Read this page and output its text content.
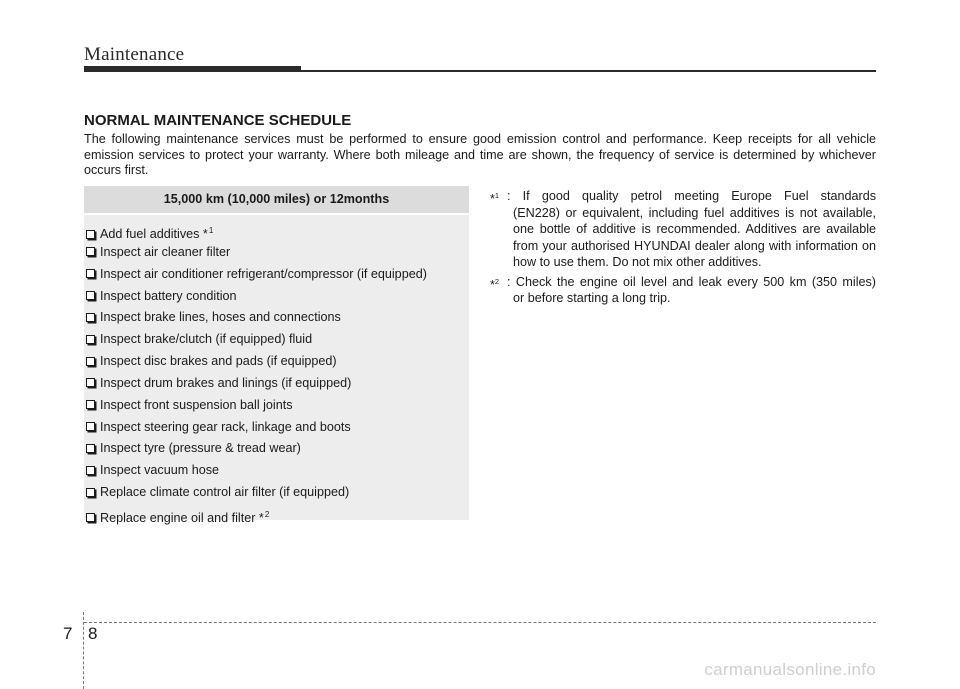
Maintenance
NORMAL MAINTENANCE SCHEDULE
The following maintenance services must be performed to ensure good emission control and performance. Keep receipts for all vehicle emission services to protect your warranty. Where both mileage and time are shown, the frequency of service is determined by whichever occurs first.
15,000 km (10,000 miles) or 12months
Add fuel additives *$^1$
Inspect air cleaner filter
Inspect air conditioner refrigerant/compressor (if equipped)
Inspect battery condition
Inspect brake lines, hoses and connections
Inspect brake/clutch (if equipped) fluid
Inspect disc brakes and pads (if equipped)
Inspect drum brakes and linings (if equipped)
Inspect front suspension ball joints
Inspect steering gear rack, linkage and boots
Inspect tyre (pressure & tread wear)
Inspect vacuum hose
Replace climate control air filter (if equipped)
Replace engine oil and filter *$^2$
*$^1$ : If good quality petrol meeting Europe Fuel standards
(EN228) or equivalent, including fuel additives is not available, one bottle of additive is recommended. Additives are available from your authorised HYUNDAI dealer along with information on how to use them. Do not mix other additives.
*$^2$ : Check the engine oil level and leak every 500 km (350 miles)
or before starting a long trip.
7 8
carmanualsonline.info
